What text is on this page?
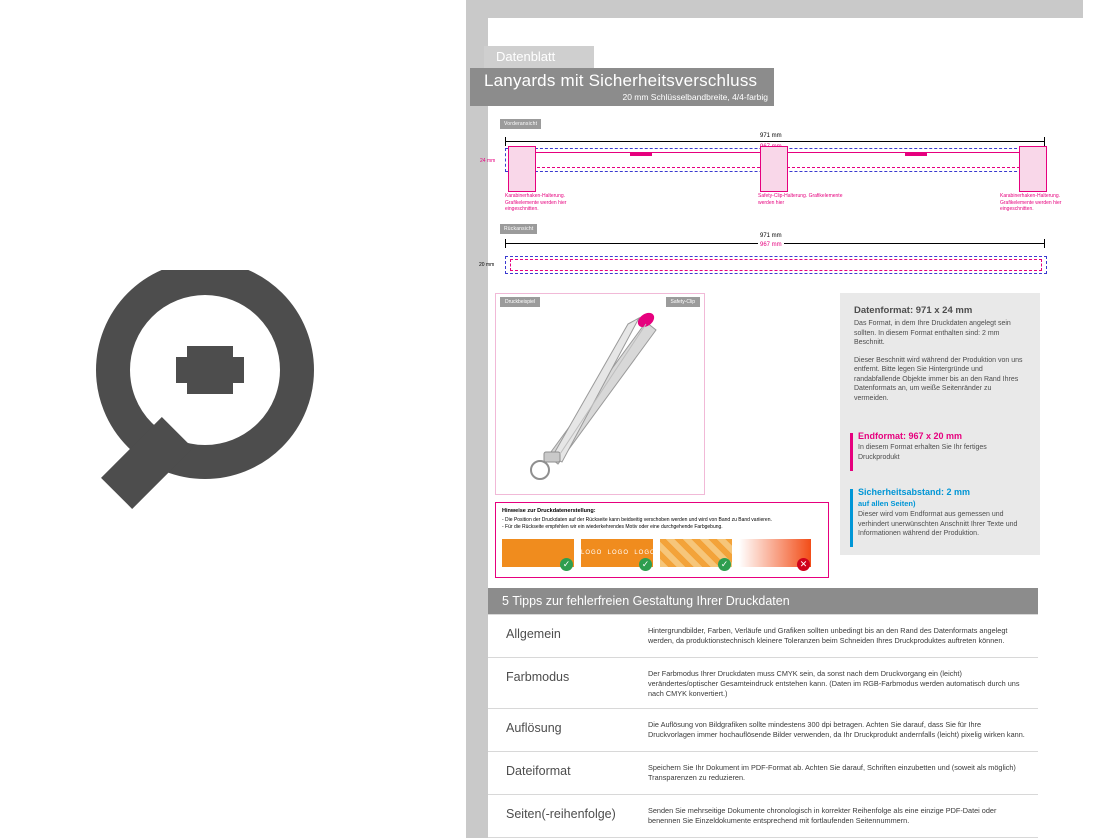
Datenblatt
Lanyards mit Sicherheitsverschluss
20 mm Schlüsselbandbreite, 4/4-farbig
Vorderansicht
971 mm
24 mm
Karabinerhaken-Halterung. Grafikelemente werden hier eingeschnitten.
Safety-Clip-Halterung. Grafikelemente werden hier
Karabinerhaken-Halterung. Grafikelemente werden hier eingeschnitten.
Rückansicht
971 mm
967 mm
20 mm
Druckbeispiel	Safety-Clip
Datenformat: 971 x 24 mm
Das Format, in dem Ihre Druckdaten angelegt sein sollten. In diesem Format enthalten sind: 2 mm Beschnitt.
Dieser Beschnitt wird während der Produktion von uns entfernt. Bitte legen Sie Hintergründe und randabfallende Objekte immer bis an den Rand Ihres Datenformats an, um weiße Seitenränder zu vermeiden.
Endformat: 967 x 20 mm
In diesem Format erhalten Sie Ihr fertiges Druckprodukt
Sicherheitsabstand: 2 mm
auf allen Seiten)
Dieser wird vom Endformat aus gemessen und verhindert unerwünschten Anschnitt Ihrer Texte und Informationen während der Produktion.
Hinweise zur Druckdatenerstellung:
- Die Position der Druckdaten auf der Rückseite kann beidseitig verschoben werden und wird von Band zu Band variieren.
- Für die Rückseite empfehlen wir ein wiederkehrendes Motiv oder eine durchgehende Farbgebung.
✓
LOGO  LOGO  LOGO
✓	✓	✕
5 Tipps zur fehlerfreien Gestaltung Ihrer Druckdaten
Allgemein	Hintergrundbilder, Farben, Verläufe und Grafiken sollten unbedingt bis an den Rand des Datenformats angelegt werden, da produktionstechnisch kleinere Toleranzen beim Schneiden Ihres Druckproduktes auftreten können.
Farbmodus	Der Farbmodus Ihrer Druckdaten muss CMYK sein, da sonst nach dem Druckvorgang ein (leicht) verändertes/optischer Gesamteindruck entstehen kann. (Daten im RGB-Farbmodus werden automatisch durch uns nach CMYK konvertiert.)
Auflösung	Die Auflösung von Bildgrafiken sollte mindestens 300 dpi betragen. Achten Sie darauf, dass Sie für Ihre Druckvorlagen immer hochauflösende Bilder verwenden, da Ihr Druckprodukt andernfalls (leicht) pixelig wirken kann.
Dateiformat	Speichern Sie Ihr Dokument im PDF-Format ab. Achten Sie darauf, Schriften einzubetten und (soweit als möglich) Transparenzen zu reduzieren.
Seiten(-reihenfolge)	Senden Sie mehrseitige Dokumente chronologisch in korrekter Reihenfolge als eine einzige PDF-Datei oder benennen Sie Einzeldokumente entsprechend mit fortlaufenden Seitennummern.
